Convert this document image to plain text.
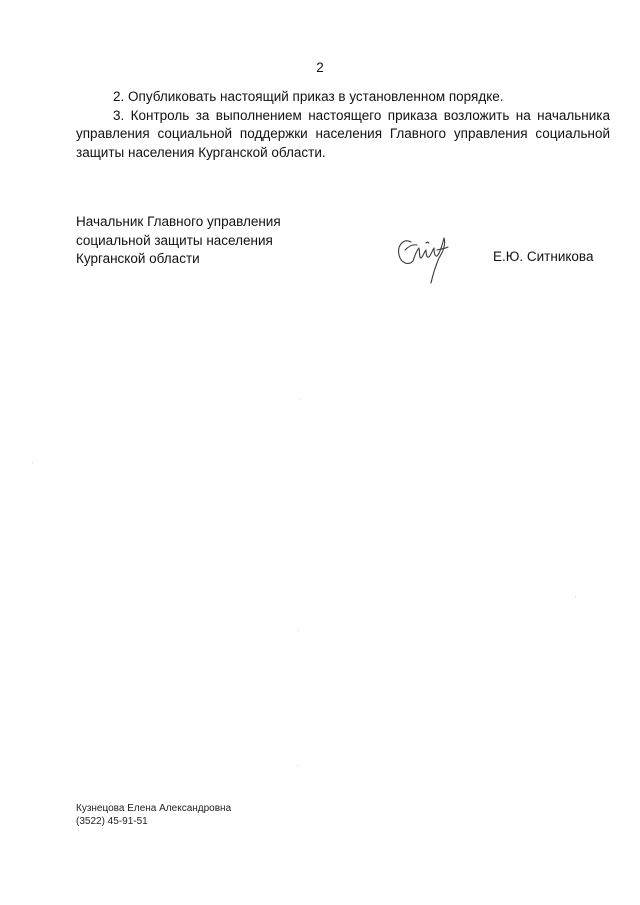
2

2. Опубликовать настоящий приказ в установленном порядке.

3. Контроль за выполнением настоящего приказа возложить на начальника управления социальной поддержки населения Главного управления социальной защиты населения Курганской области.

Начальник Главного управления
социальной защиты населения
Курганской области	Е.Ю. Ситникова
Кузнецова Елена Александровна
(3522) 45-91-51
